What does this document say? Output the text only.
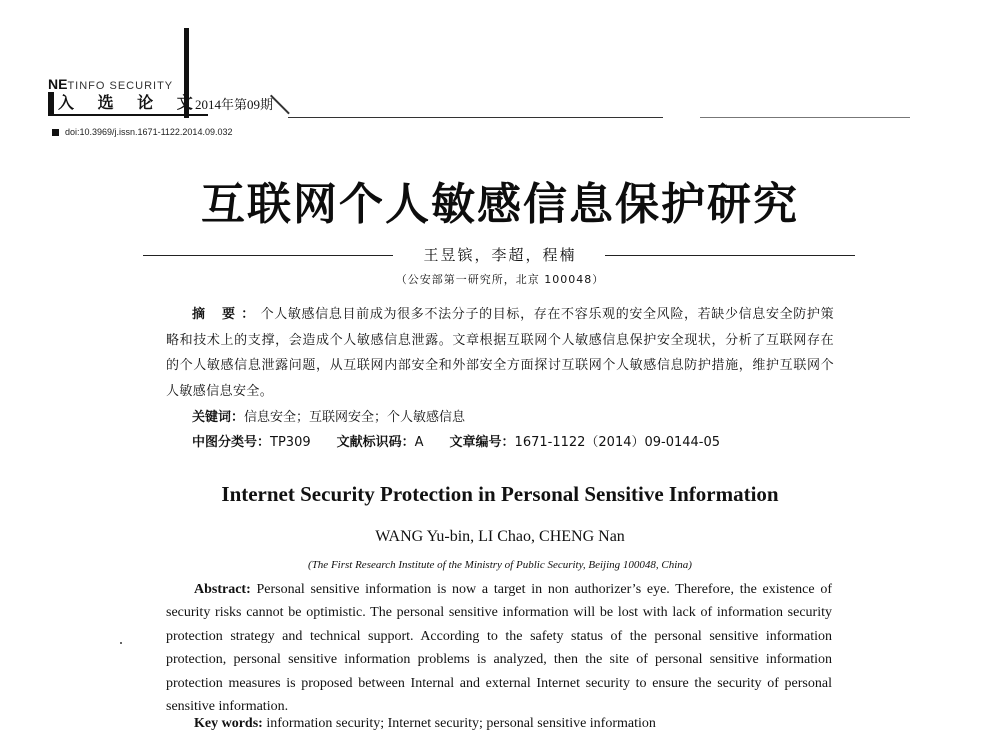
NETINFO SECURITY
入 选 论 文
2014年第09期
doi:10.3969/j.issn.1671-1122.2014.09.032
互联网个人敏感信息保护研究
王昱镔，李超，程楠
（公安部第一研究所，北京 100048）
摘 要：个人敏感信息目前成为很多不法分子的目标，存在不容乐观的安全风险，若缺少信息安全防护策略和技术上的支撑，会造成个人敏感信息泄露。文章根据互联网个人敏感信息保护安全现状，分析了互联网存在的个人敏感信息泄露问题，从互联网内部安全和外部安全方面探讨互联网个人敏感信息防护措施，维护互联网个人敏感信息安全。
关键词：信息安全；互联网安全；个人敏感信息
中图分类号：TP309 文献标识码：A 文章编号：1671-1122（2014）09-0144-05
Internet Security Protection in Personal Sensitive Information
WANG Yu-bin, LI Chao, CHENG Nan
(The First Research Institute of the Ministry of Public Security, Beijing 100048, China)
Abstract: Personal sensitive information is now a target in non authorizer’s eye. Therefore, the existence of security risks cannot be optimistic. The personal sensitive information will be lost with lack of information security protection strategy and technical support. According to the safety status of the personal sensitive information protection, personal sensitive information problems is analyzed, then the site of personal sensitive information protection measures is proposed between Internal and external Internet security to ensure the security of personal sensitive information.
Key words: information security; Internet security; personal sensitive information
